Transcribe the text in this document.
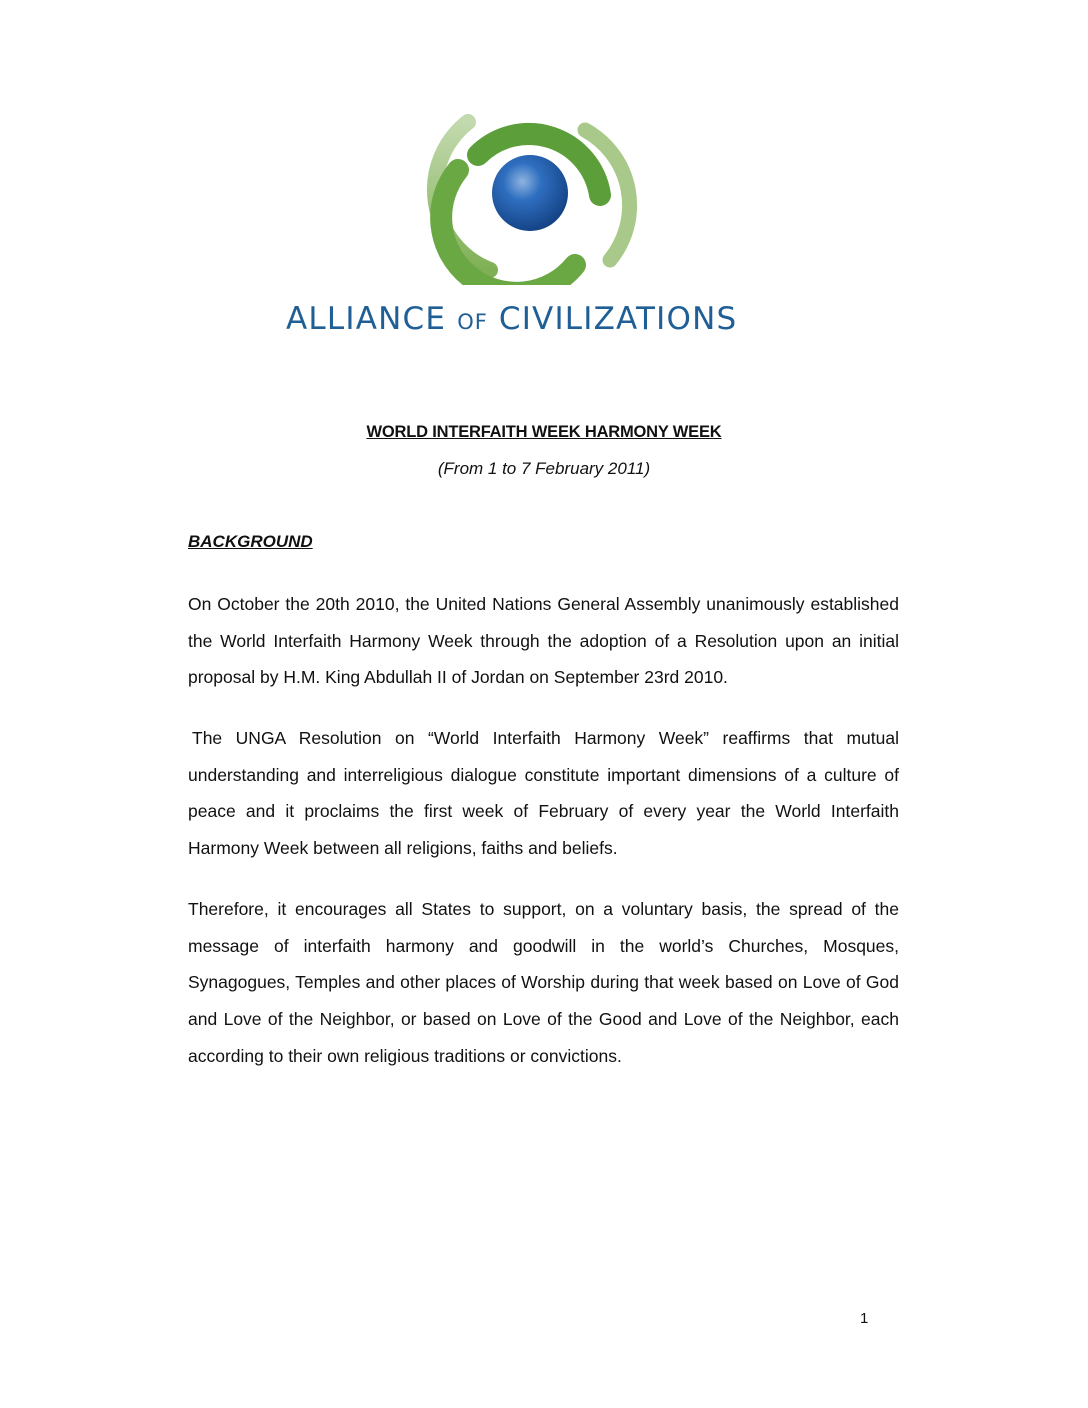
ALLIANCE OF CIVILIZATIONS
WORLD INTERFAITH WEEK HARMONY WEEK
(From 1 to 7 February 2011)
BACKGROUND

On October the 20th 2010, the United Nations General Assembly unanimously established the World Interfaith Harmony Week through the adoption of a Resolution upon an initial proposal by H.M. King Abdullah II of Jordan on September 23rd 2010.

The UNGA Resolution on “World Interfaith Harmony Week” reaffirms that mutual understanding and interreligious dialogue constitute important dimensions of a culture of peace and it proclaims the first week of February of every year the World Interfaith Harmony Week between all religions, faiths and beliefs.

Therefore, it encourages all States to support, on a voluntary basis, the spread of the message of interfaith harmony and goodwill in the world’s Churches, Mosques, Synagogues, Temples and other places of Worship during that week based on Love of God and Love of the Neighbor, or based on Love of the Good and Love of the Neighbor, each according to their own religious traditions or convictions.

1
